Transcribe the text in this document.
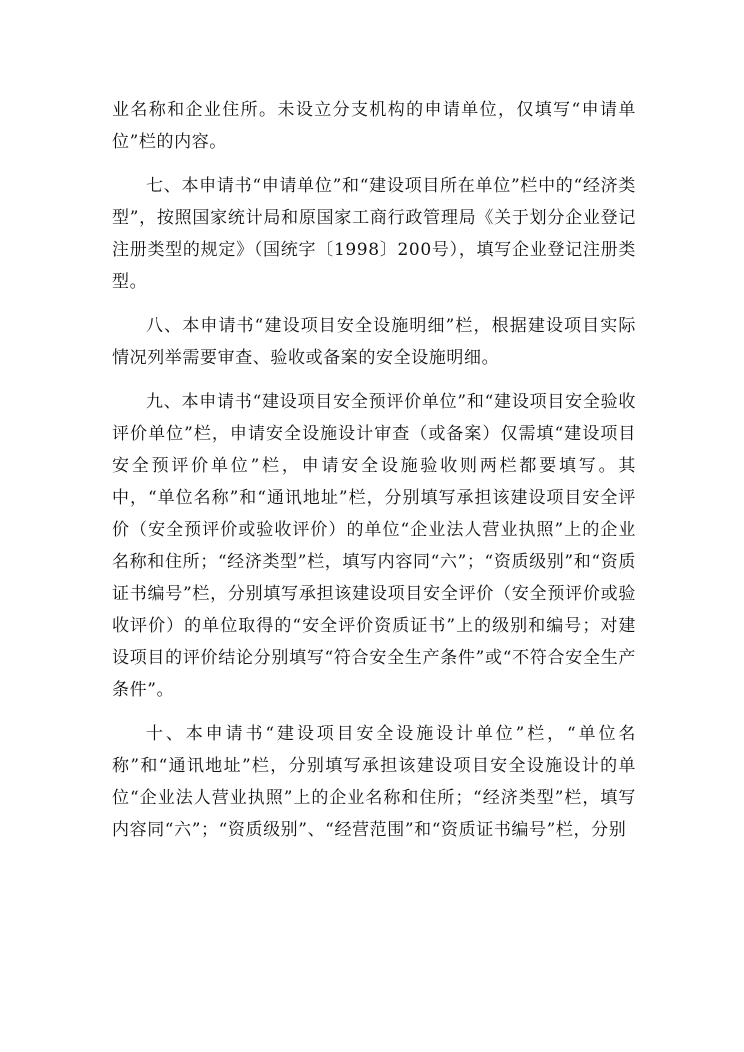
业名称和企业住所。未设立分支机构的申请单位，仅填写“申请单位”栏的内容。

七、本申请书“申请单位”和“建设项目所在单位”栏中的“经济类型”，按照国家统计局和原国家工商行政管理局《关于划分企业登记注册类型的规定》（国统字〔1998〕200号），填写企业登记注册类型。

八、本申请书“建设项目安全设施明细”栏，根据建设项目实际情况列举需要审查、验收或备案的安全设施明细。

九、本申请书“建设项目安全预评价单位”和“建设项目安全验收评价单位”栏，申请安全设施设计审查（或备案）仅需填“建设项目安全预评价单位”栏，申请安全设施验收则两栏都要填写。其中，“单位名称”和“通讯地址”栏，分别填写承担该建设项目安全评价（安全预评价或验收评价）的单位“企业法人营业执照”上的企业名称和住所；“经济类型”栏，填写内容同“六”；“资质级别”和“资质证书编号”栏，分别填写承担该建设项目安全评价（安全预评价或验收评价）的单位取得的“安全评价资质证书”上的级别和编号；对建设项目的评价结论分别填写“符合安全生产条件”或“不符合安全生产条件”。

十、本申请书“建设项目安全设施设计单位”栏，“单位名称”和“通讯地址”栏，分别填写承担该建设项目安全设施设计的单位“企业法人营业执照”上的企业名称和住所；“经济类型”栏，填写内容同“六”；“资质级别”、“经营范围”和“资质证书编号”栏，分别
